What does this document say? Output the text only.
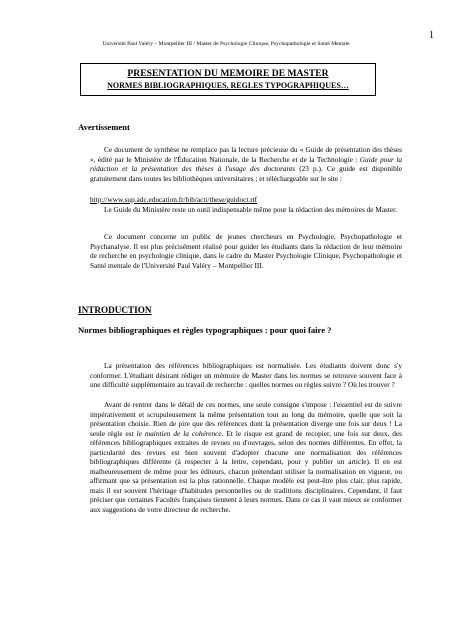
1
Université Paul Valéry – Montpellier III / Master de Psychologie Clinique, Psychopathologie et Santé Mentale
PRESENTATION DU MEMOIRE DE MASTER
NORMES BIBLIOGRAPHIQUES, REGLES TYPOGRAPHIQUES…
Avertissement

Ce document de synthèse ne remplace pas la lecture précieuse du « Guide de présentation des thèses », édité par le Ministère de l'Éducation Nationale, de la Recherche et de la Technologie : Guide pour la rédaction et la présentation des thèses à l'usage des doctorants (23 p.). Ce guide est disponible gratuitement dans toutes les bibliothèques universitaires ; et téléchargeable sur le site :

http://www.sup.adc.education.fr/bib/acti/these/guidoct.rtf

Le Guide du Ministère reste un outil indispensable même pour la rédaction des mémoires de Master.

Ce document concerne un public de jeunes chercheurs en Psychologie, Psychopathologie et Psychanalyse. Il est plus précisément réalisé pour guider les étudiants dans la rédaction de leur mémoire de recherche en psychologie clinique, dans le cadre du Master Psychologie Clinique, Psychopathologie et Santé mentale de l'Université Paul Valéry – Montpellier III.

INTRODUCTION
Normes bibliographiques et règles typographiques : pour quoi faire ?

La présentation des références bibliographiques est normalisée. Les étudiants doivent donc s'y conformer. L'étudiant désirant rédiger un mémoire de Master dans les normes se retrouve souvent face à une difficulté supplémentaire au travail de recherche : quelles normes ou règles suivre ? Où les trouver ?

Avant de rentrer dans le détail de ces normes, une seule consigne s'impose : l'essentiel est de suivre impérativement et scrupuleusement la même présentation tout au long du mémoire, quelle que soit la présentation choisie. Rien de pire que des références dont la présentation diverge une fois sur deux ! La seule règle est le maintien de la cohérence. Et le risque est grand de recopier, une fois sur deux, des références bibliographiques extraites de revues ou d'ouvrages, selon des normes différentes. En effet, la particularité des revues est bien souvent d'adopter chacune une normalisation des références bibliographiques différente (à respecter à la lettre, cependant, pour y publier un article). Il en est malheureusement de même pour les éditeurs, chacun prétendant utiliser la normalisation en vigueur, ou affirmant que sa présentation est la plus rationnelle. Chaque modèle est peut-être plus clair, plus rapide, mais il est souvent l'héritage d'habitudes personnelles ou de traditions disciplinaires. Cependant, il faut préciser que certaines Facultés françaises tiennent à leurs normes. Dans ce cas il vaut mieux se conformer aux suggestions de votre directeur de recherche.
